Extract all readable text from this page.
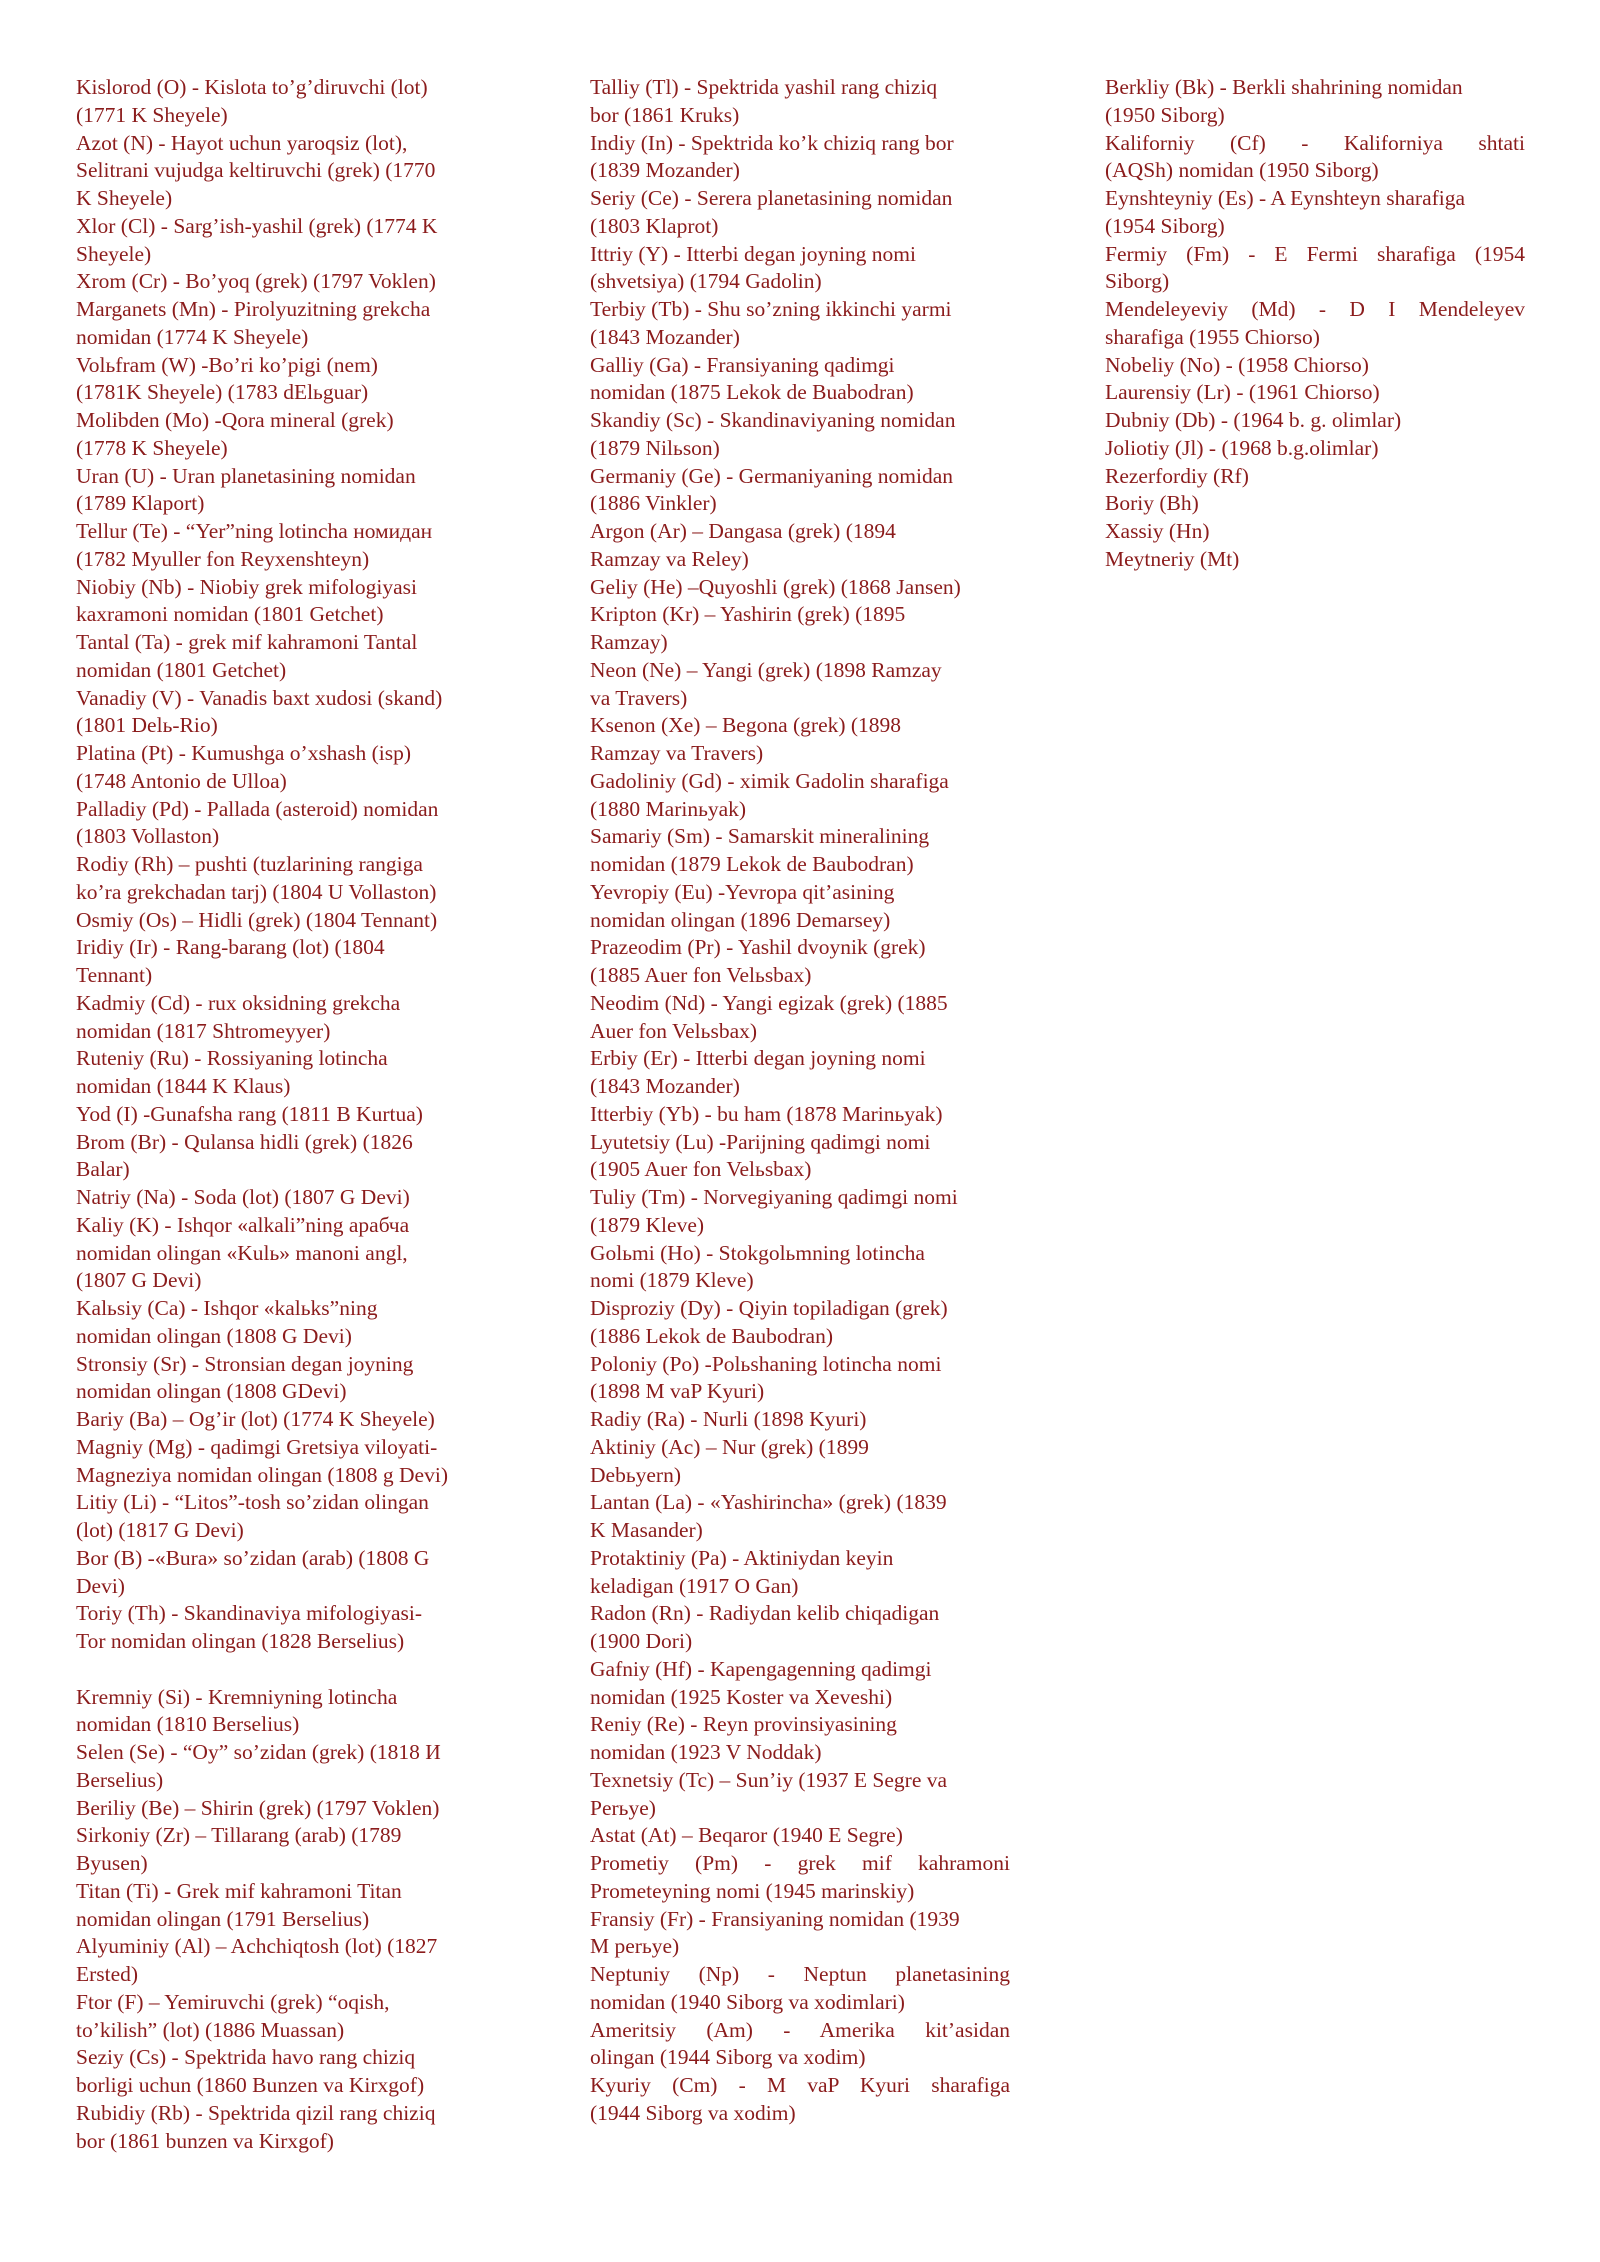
Kislorod (O) - Kislota to’g’diruvchi (lot)
(1771 K Sheyele)
Azot (N) - Hayot uchun yaroqsiz (lot),
Selitrani vujudga keltiruvchi (grek) (1770
K Sheyele)
Xlor (Cl) - Sarg’ish-yashil (grek) (1774 K
Sheyele)
Xrom (Cr) - Bo’yoq (grek) (1797 Voklen)
Marganets (Mn) - Pirolyuzitning grekcha
nomidan (1774 K Sheyele)
Volьfram (W) -Bo’ri ko’pigi (nem)
(1781K Sheyele) (1783 dElьguar)
Molibden (Mo) -Qora mineral (grek)
(1778 K Sheyele)
Uran (U) - Uran planetasining nomidan
(1789 Klaport)
Tellur (Te) - “Yer”ning lotincha номидан
(1782 Myuller fon Reyxenshteyn)
Niobiy (Nb) - Niobiy grek mifologiyasi
kaxramoni nomidan (1801 Getchet)
Tantal (Ta) - grek mif kahramoni Tantal
nomidan (1801 Getchet)
Vanadiy (V) - Vanadis baxt xudosi (skand)
(1801 Delь-Rio)
Platina (Pt) - Kumushga o’xshash (isp)
(1748 Antonio de Ulloa)
Palladiy (Pd) - Pallada (asteroid) nomidan
(1803 Vollaston)
Rodiy (Rh) – pushti (tuzlarining rangiga
ko’ra grekchadan tarj) (1804 U Vollaston)
Osmiy (Os) – Hidli (grek) (1804 Tennant)
Iridiy (Ir) - Rang-barang (lot) (1804
Tennant)
Kadmiy (Cd) - rux oksidning grekcha
nomidan (1817 Shtromeyyer)
Ruteniy (Ru) - Rossiyaning lotincha
nomidan (1844 K Klaus)
Yod (I) -Gunafsha rang (1811 B Kurtua)
Brom (Br) - Qulansa hidli (grek) (1826
Balar)
Natriy (Na) - Soda (lot) (1807 G Devi)
Kaliy (K) - Ishqor «alkali”ning арабча
nomidan olingan «Kulь» manoni angl,
(1807 G Devi)
Kalьsiy (Ca) - Ishqor «kalьks”ning
nomidan olingan (1808 G Devi)
Stronsiy (Sr) - Stronsian degan joyning
nomidan olingan (1808 GDevi)
Bariy (Ba) – Og’ir (lot) (1774 K Sheyele)
Magniy (Mg) - qadimgi Gretsiya viloyati-
Magneziya nomidan olingan (1808 g Devi)
Litiy (Li) - “Litos”-tosh so’zidan olingan
(lot) (1817 G Devi)
Bor (B) -«Bura» so’zidan (arab) (1808 G
Devi)
Toriy (Th) - Skandinaviya mifologiyasi-
Tor nomidan olingan (1828 Berselius)
Kremniy (Si) - Kremniyning lotincha
nomidan (1810 Berselius)
Selen (Se) - “Oy” so’zidan (grek) (1818 И
Berselius)
Beriliy (Be) – Shirin (grek) (1797 Voklen)
Sirkoniy (Zr) – Tillarang (arab) (1789
Byusen)
Titan (Ti) - Grek mif kahramoni Titan
nomidan olingan (1791 Berselius)
Alyuminiy (Al) – Achchiqtosh (lot) (1827
Ersted)
Ftor (F) – Yemiruvchi (grek) “oqish,
to’kilish” (lot) (1886 Muassan)
Seziy (Cs) - Spektrida havo rang chiziq
borligi uchun (1860 Bunzen va Kirxgof)
Rubidiy (Rb) - Spektrida qizil rang chiziq
bor (1861 bunzen va Kirxgof)
Talliy (Tl) - Spektrida yashil rang chiziq
bor (1861 Kruks)
Indiy (In) - Spektrida ko’k chiziq rang bor
(1839 Mozander)
Seriy (Ce) - Serera planetasining nomidan
(1803 Klaprot)
Ittriy (Y) - Itterbi degan joyning nomi
(shvetsiya) (1794 Gadolin)
Terbiy (Tb) - Shu so’zning ikkinchi yarmi
(1843 Mozander)
Galliy (Ga) - Fransiyaning qadimgi
nomidan (1875 Lekok de Buabodran)
Skandiy (Sc) - Skandinaviyaning nomidan
(1879 Nilьson)
Germaniy (Ge) - Germaniyaning nomidan
(1886 Vinkler)
Argon (Ar) – Dangasa (grek) (1894
Ramzay va Releу)
Geliy (He) –Quyoshli (grek) (1868 Jansen)
Kripton (Kr) – Yashirin (grek) (1895
Ramzay)
Neon (Ne) – Yangi (grek) (1898 Ramzay
va Travers)
Ksenon (Xe) – Begona (grek) (1898
Ramzay va Travers)
Gadoliniy (Gd) - ximik Gadolin sharafiga
(1880 Marinьyak)
Samariy (Sm) - Samarskit mineralining
nomidan (1879 Lekok de Baubodran)
Yevropiy (Eu) -Yevropa qit’asining
nomidan olingan (1896 Demarsey)
Prazeodim (Pr) - Yashil dvoynik (grek)
(1885 Auer fon Velьsbax)
Neodim (Nd) - Yangi egizak (grek) (1885
Auer fon Velьsbax)
Erbiy (Er) - Itterbi degan joyning nomi
(1843 Mozander)
Itterbiy (Yb) - bu ham (1878 Marinьyak)
Lyutetsiy (Lu) -Parijning qadimgi nomi
(1905 Auer fon Velьsbax)
Tuliy (Tm) - Norvegiyaning qadimgi nomi
(1879 Kleve)
Golьmi (Ho) - Stokgolьmning lotincha
nomi (1879 Kleve)
Disproziy (Dy) - Qiyin topiladigan (grek)
(1886 Lekok de Baubodran)
Poloniy (Po) -Polьshaning lotincha nomi
(1898 M vaP Kyuri)
Radiy (Ra) - Nurli (1898 Kyuri)
Aktiniy (Ac) – Nur (grek) (1899
Debьyern)
Lantan (La) - «Yashirincha» (grek) (1839
K Masander)
Protaktiniy (Pa) - Aktiniydan keyin
keladigan (1917 O Gan)
Radon (Rn) - Radiydan kelib chiqadigan
(1900 Dori)
Gafniy (Hf) - Kapengagenning qadimgi
nomidan (1925 Koster va Xeveshi)
Reniy (Re) - Reyn provinsiyasining
nomidan (1923 V Noddak)
Texnetsiy (Tc) – Sun’iy (1937 E Segre va
Perьye)
Astat (At) – Beqaror (1940 E Segre)
Prometiy (Pm) - grek mif kahramoni
Prometeyning nomi (1945 marinskiy)
Fransiy (Fr) - Fransiyaning nomidan (1939
M perьye)
Neptuniy (Np) - Neptun planetasining
nomidan (1940 Siborg va xodimlari)
Ameritsiy (Am) - Amerika kit’asidan
olingan (1944 Siborg va xodim)
Kyuriy (Cm) - M vaP Kyuri sharafiga
(1944 Siborg va xodim)
Berkliy (Bk) - Berkli shahrining nomidan
(1950 Siborg)
Kaliforniy (Cf) - Kaliforniya shtati
(AQSh) nomidan (1950 Siborg)
Eynshteyniy (Es) - A Eynshteyn sharafiga
(1954 Siborg)
Fermiy (Fm) - E Fermi sharafiga (1954
Siborg)
Mendeleyeviy (Md) - D I Mendeleyev
sharafiga (1955 Chiorso)
Nobeliy (No) - (1958 Chiorso)
Laurensiy (Lr) - (1961 Chiorso)
Dubniy (Db) - (1964 b. g. olimlar)
Joliotiy (Jl) - (1968 b.g.olimlar)
Rezerfordiy (Rf)
Boriy (Bh)
Xassiy (Hn)
Meytneriy (Mt)
